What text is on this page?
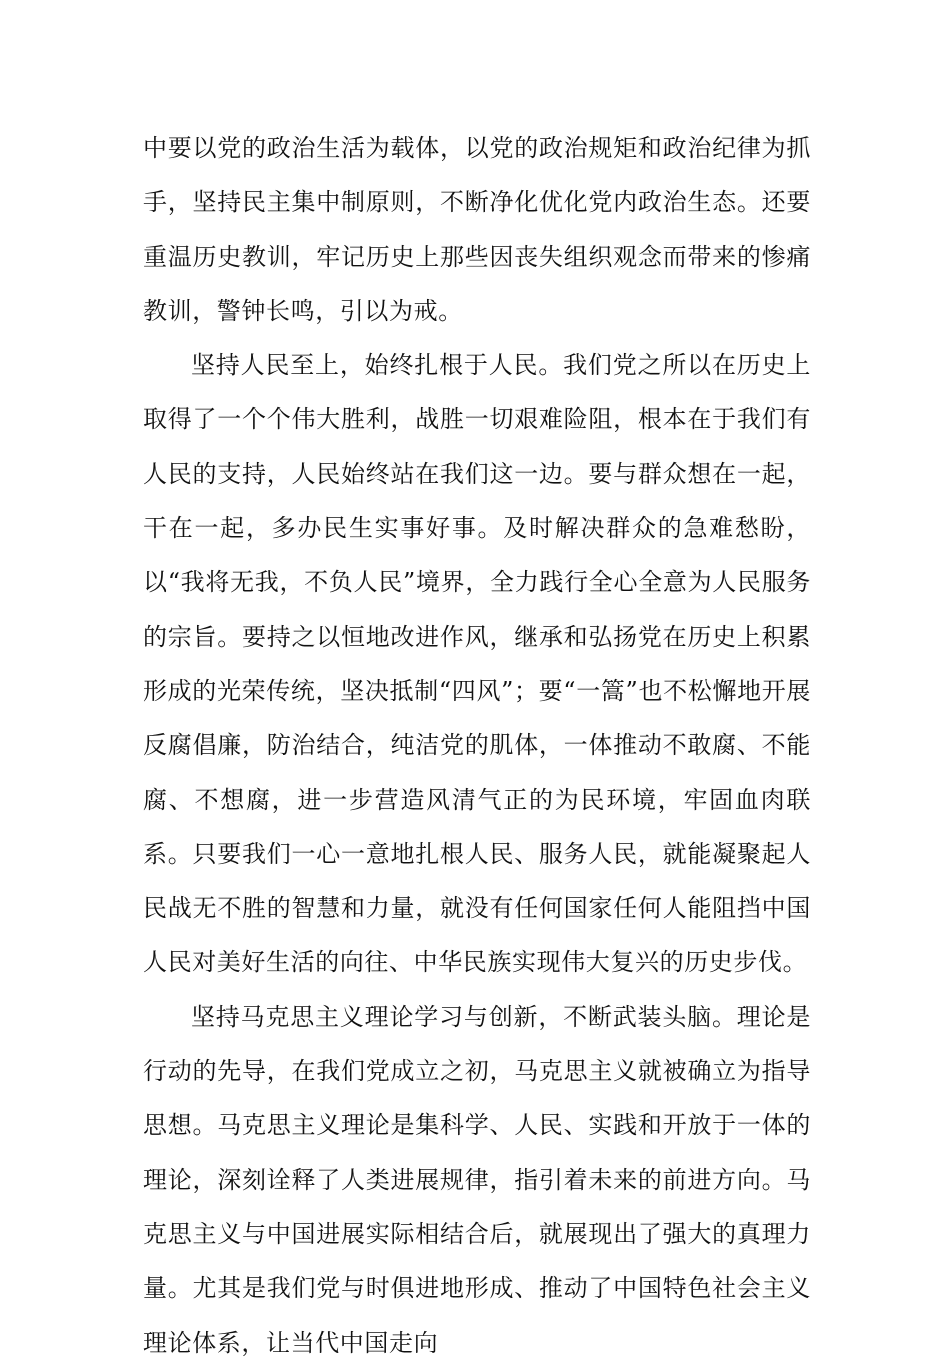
中要以党的政治生活为载体，以党的政治规矩和政治纪律为抓手，坚持民主集中制原则，不断净化优化党内政治生态。还要重温历史教训，牢记历史上那些因丧失组织观念而带来的惨痛教训，警钟长鸣，引以为戒。

坚持人民至上，始终扎根于人民。我们党之所以在历史上取得了一个个伟大胜利，战胜一切艰难险阻，根本在于我们有人民的支持，人民始终站在我们这一边。要与群众想在一起，干在一起，多办民生实事好事。及时解决群众的急难愁盼，以“我将无我，不负人民”境界，全力践行全心全意为人民服务的宗旨。要持之以恒地改进作风，继承和弘扬党在历史上积累形成的光荣传统，坚决抵制“四风”；要“一篙”也不松懈地开展反腐倡廉，防治结合，纯洁党的肌体，一体推动不敢腐、不能腐、不想腐，进一步营造风清气正的为民环境，牢固血肉联系。只要我们一心一意地扎根人民、服务人民，就能凝聚起人民战无不胜的智慧和力量，就没有任何国家任何人能阻挡中国人民对美好生活的向往、中华民族实现伟大复兴的历史步伐。

坚持马克思主义理论学习与创新，不断武装头脑。理论是行动的先导，在我们党成立之初，马克思主义就被确立为指导思想。马克思主义理论是集科学、人民、实践和开放于一体的理论，深刻诠释了人类进展规律，指引着未来的前进方向。马克思主义与中国进展实际相结合后，就展现出了强大的真理力量。尤其是我们党与时俱进地形成、推动了中国特色社会主义理论体系，让当代中国走向
